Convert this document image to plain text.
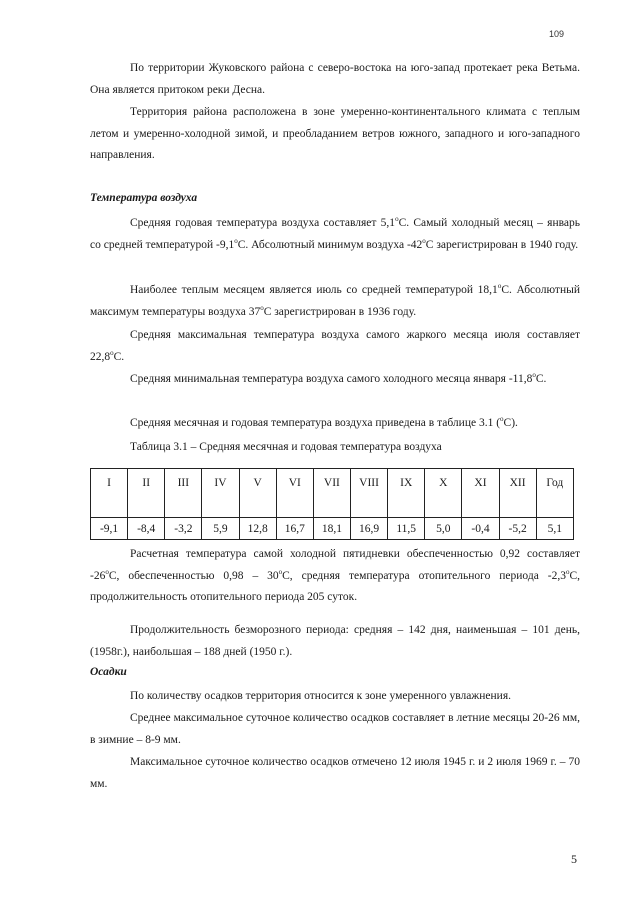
109

По территории Жуковского района с северо-востока на юго-запад протекает река Ветьма. Она является притоком реки Десна.

Территория района расположена в зоне умеренно-континентального климата с теплым летом и умеренно-холодной зимой, и преобладанием ветров южного, западного и юго-западного направления.

Температура воздуха

Средняя годовая температура воздуха составляет 5,1$^o$С. Самый холодный месяц – январь со средней температурой -9,1$^o$С. Абсолютный минимум воздуха -42$^o$С зарегистрирован в 1940 году.

Наиболее теплым месяцем является июль со средней температурой 18,1$^o$С. Абсолютный максимум температуры воздуха 37$^o$С зарегистрирован в 1936 году.

Средняя максимальная температура воздуха самого жаркого месяца июля составляет 22,8$^o$С.

Средняя минимальная температура воздуха самого холодного месяца января -11,8$^o$С.

Средняя месячная и годовая температура воздуха приведена в таблице 3.1 ($^o$С).

Таблица 3.1 – Средняя месячная и годовая температура воздуха
I	II	III	IV	V	VI	VII	VIII	IX	X	XI	XII	Год
-9,1	-8,4	-3,2	5,9	12,8	16,7	18,1	16,9	11,5	5,0	-0,4	-5,2	5,1

Расчетная температура самой холодной пятидневки обеспеченностью 0,92 составляет -26$^o$С, обеспеченностью 0,98 – 30$^o$С, средняя температура отопительного периода -2,3$^o$С, продолжительность отопительного периода 205 суток.

Продолжительность безморозного периода: средняя – 142 дня, наименьшая – 101 день, (1958г.), наибольшая – 188 дней (1950 г.).

Осадки

По количеству осадков территория относится к зоне умеренного увлажнения.

Среднее максимальное суточное количество осадков составляет в летние месяцы 20-26 мм, в зимние – 8-9 мм.

Максимальное суточное количество осадков отмечено 12 июля 1945 г. и 2 июля 1969 г. – 70 мм.

5
